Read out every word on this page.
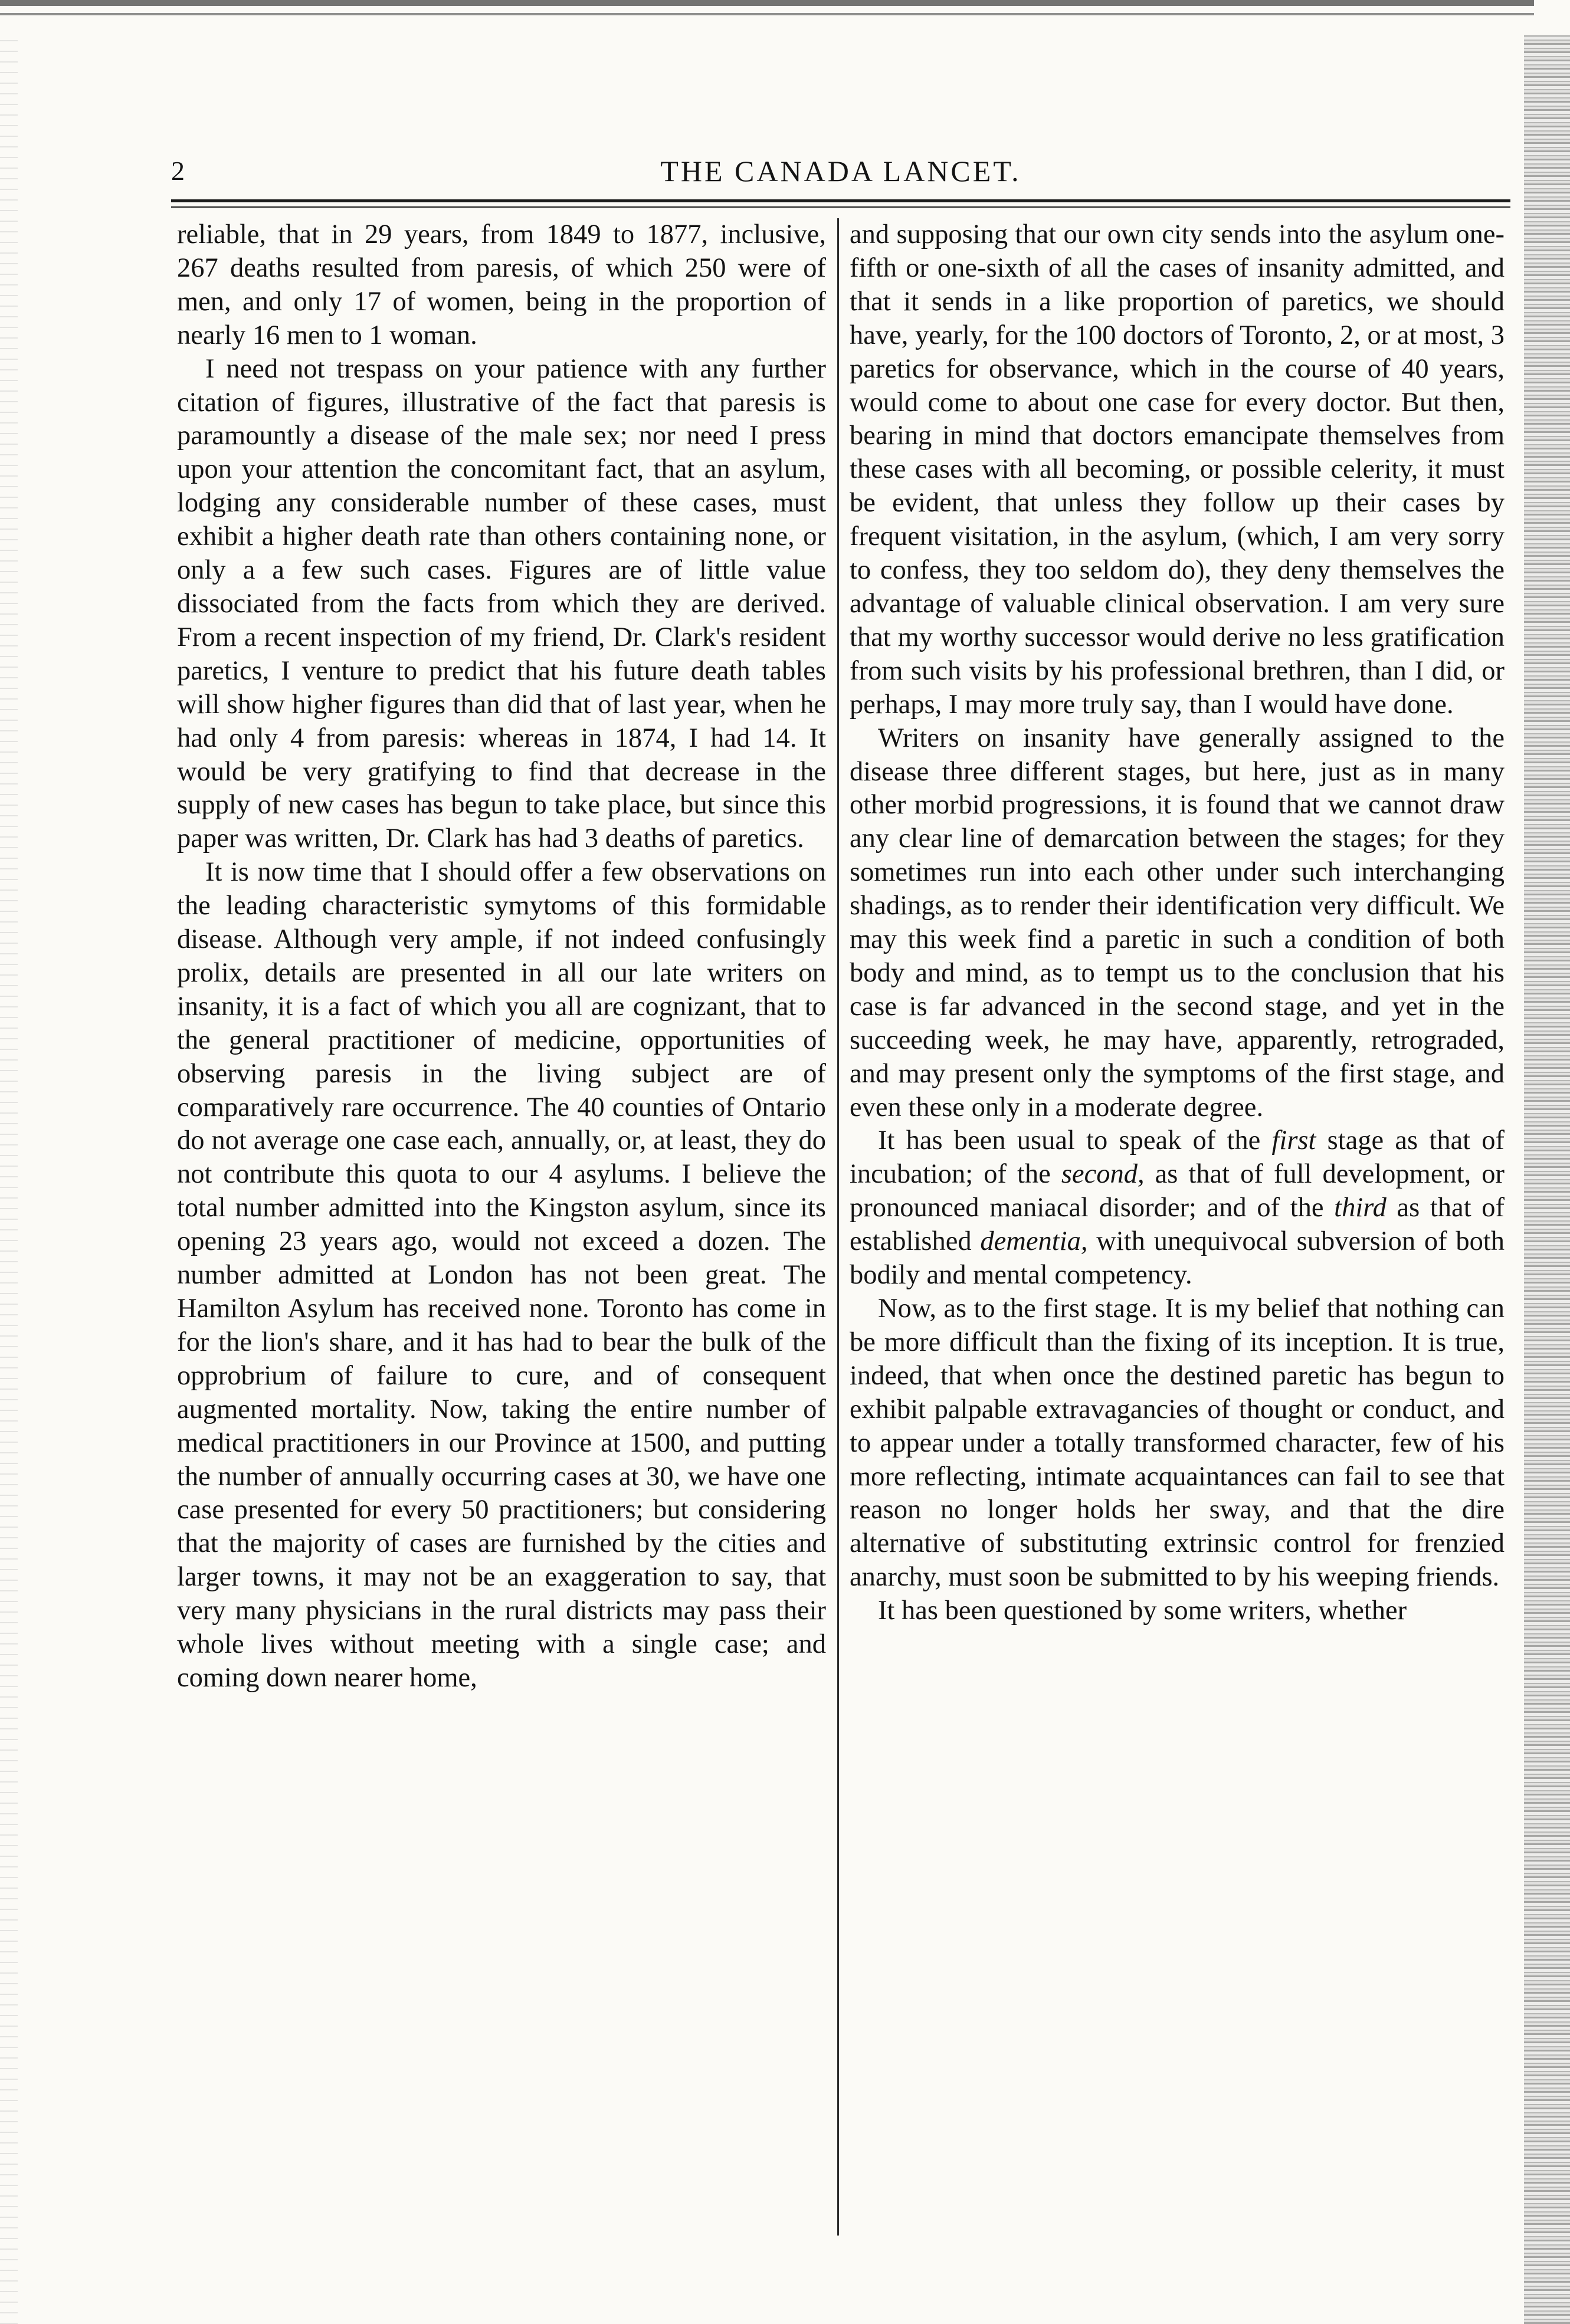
2	THE CANADA LANCET.

reliable, that in 29 years, from 1849 to 1877, inclusive, 267 deaths resulted from paresis, of which 250 were of men, and only 17 of women, being in the proportion of nearly 16 men to 1 woman.

I need not trespass on your patience with any further citation of figures, illustrative of the fact that paresis is paramountly a disease of the male sex; nor need I press upon your attention the concomitant fact, that an asylum, lodging any considerable number of these cases, must exhibit a higher death rate than others containing none, or only a a few such cases. Figures are of little value dissociated from the facts from which they are derived. From a recent inspection of my friend, Dr. Clark's resident paretics, I venture to predict that his future death tables will show higher figures than did that of last year, when he had only 4 from paresis: whereas in 1874, I had 14. It would be very gratifying to find that decrease in the supply of new cases has begun to take place, but since this paper was written, Dr. Clark has had 3 deaths of paretics.

It is now time that I should offer a few observations on the leading characteristic symytoms of this formidable disease. Although very ample, if not indeed confusingly prolix, details are presented in all our late writers on insanity, it is a fact of which you all are cognizant, that to the general practitioner of medicine, opportunities of observing paresis in the living subject are of comparatively rare occurrence. The 40 counties of Ontario do not average one case each, annually, or, at least, they do not contribute this quota to our 4 asylums. I believe the total number admitted into the Kingston asylum, since its opening 23 years ago, would not exceed a dozen. The number admitted at London has not been great. The Hamilton Asylum has received none. Toronto has come in for the lion's share, and it has had to bear the bulk of the opprobrium of failure to cure, and of consequent augmented mortality. Now, taking the entire number of medical practitioners in our Province at 1500, and putting the number of annually occurring cases at 30, we have one case presented for every 50 practitioners; but considering that the majority of cases are furnished by the cities and larger towns, it may not be an exaggeration to say, that very many physicians in the rural districts may pass their whole lives without meeting with a single case; and coming down nearer home,

and supposing that our own city sends into the asylum one-fifth or one-sixth of all the cases of insanity admitted, and that it sends in a like proportion of paretics, we should have, yearly, for the 100 doctors of Toronto, 2, or at most, 3 paretics for observance, which in the course of 40 years, would come to about one case for every doctor. But then, bearing in mind that doctors emancipate themselves from these cases with all becoming, or possible celerity, it must be evident, that unless they follow up their cases by frequent visitation, in the asylum, (which, I am very sorry to confess, they too seldom do), they deny themselves the advantage of valuable clinical observation. I am very sure that my worthy successor would derive no less gratification from such visits by his professional brethren, than I did, or perhaps, I may more truly say, than I would have done.

Writers on insanity have generally assigned to the disease three different stages, but here, just as in many other morbid progressions, it is found that we cannot draw any clear line of demarcation between the stages; for they sometimes run into each other under such interchanging shadings, as to render their identification very difficult. We may this week find a paretic in such a condition of both body and mind, as to tempt us to the conclusion that his case is far advanced in the second stage, and yet in the succeeding week, he may have, apparently, retrograded, and may present only the symptoms of the first stage, and even these only in a moderate degree.

It has been usual to speak of the first stage as that of incubation; of the second, as that of full development, or pronounced maniacal disorder; and of the third as that of established dementia, with unequivocal subversion of both bodily and mental competency.

Now, as to the first stage. It is my belief that nothing can be more difficult than the fixing of its inception. It is true, indeed, that when once the destined paretic has begun to exhibit palpable extravagancies of thought or conduct, and to appear under a totally transformed character, few of his more reflecting, intimate acquaintances can fail to see that reason no longer holds her sway, and that the dire alternative of substituting extrinsic control for frenzied anarchy, must soon be submitted to by his weeping friends.

It has been questioned by some writers, whether
